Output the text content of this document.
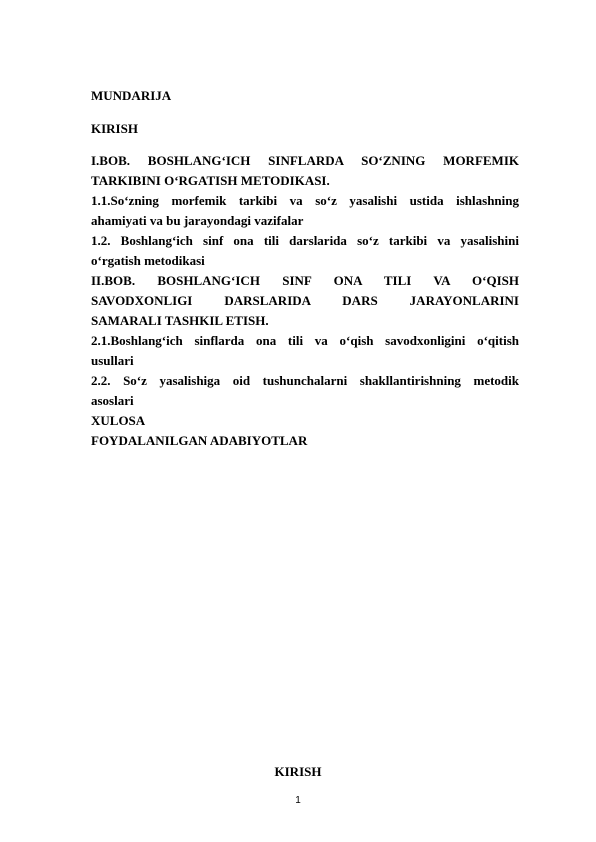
MUNDARIJA
KIRISH
I.BOB. BOSHLANG‘ICH SINFLARDA SO‘ZNING MORFEMIK
TARKIBINI O‘RGATISH METODIKASI.
1.1.So‘zning morfemik tarkibi va so‘z yasalishi ustida ishlashning
ahamiyati va bu jarayondagi vazifalar
1.2. Boshlang‘ich sinf ona tili darslarida so‘z tarkibi va yasalishini
o‘rgatish metodikasi
II.BOB. BOSHLANG‘ICH SINF ONA TILI VA O‘QISH
SAVODXONLIGI DARSLARIDA DARS JARAYONLARINI
SAMARALI TASHKIL ETISH.
2.1.Boshlang‘ich sinflarda ona tili va o‘qish savodxonligini o‘qitish
usullari
2.2. So‘z yasalishiga oid tushunchalarni shakllantirishning metodik
asoslari
XULOSA
FOYDALANILGAN ADABIYOTLAR
KIRISH
1
